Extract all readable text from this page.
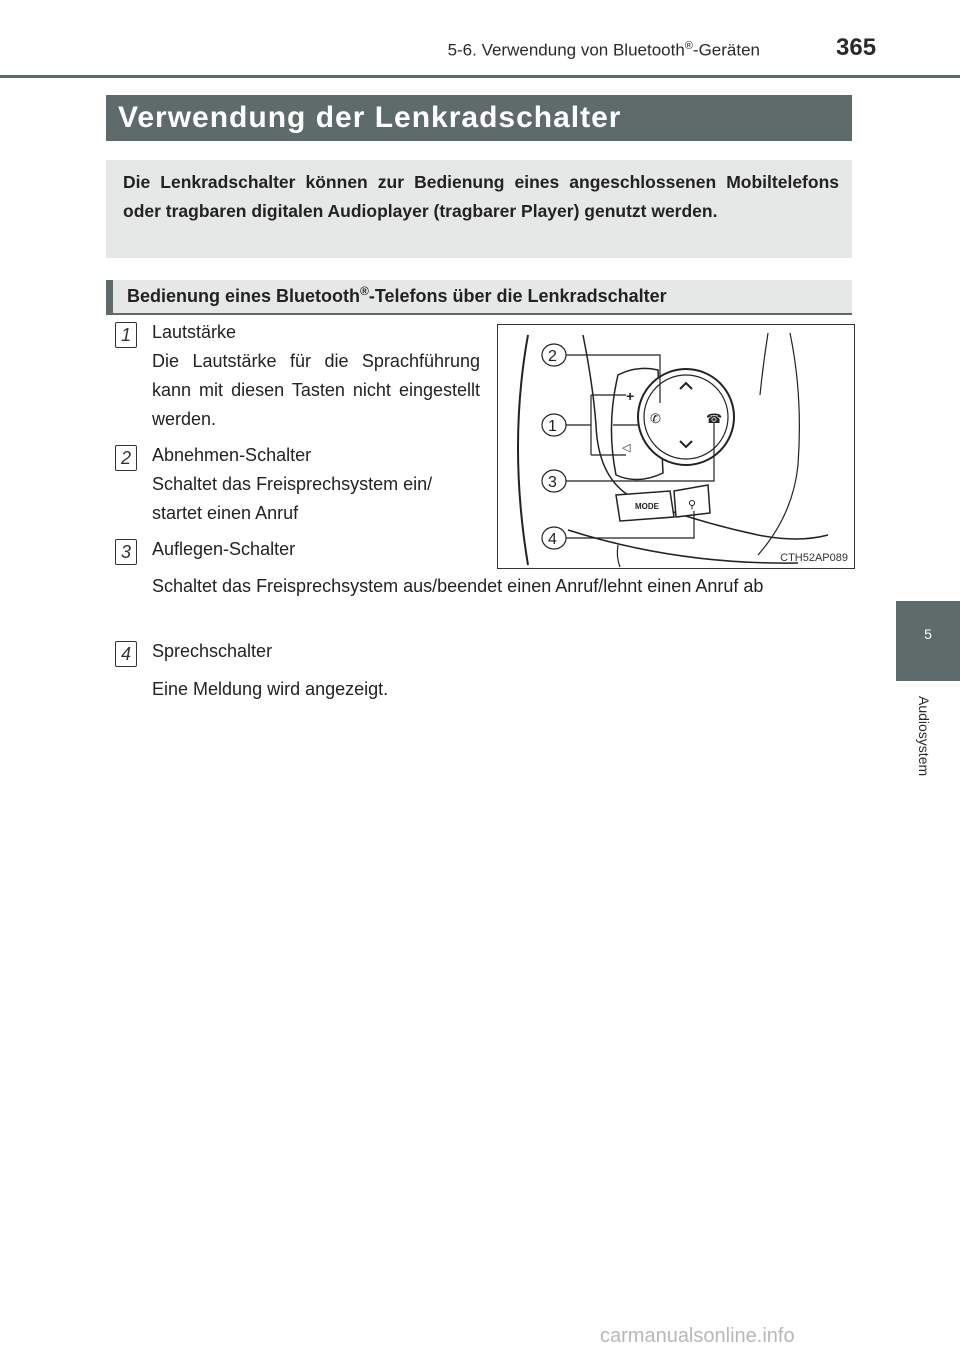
5-6. Verwendung von Bluetooth®-Geräten	365
5
Audiosystem
Verwendung der Lenkradschalter

Die Lenkradschalter können zur Bedienung eines angeschlossenen Mobiltelefons oder tragbaren digitalen Audioplayer (tragbarer Player) genutzt werden.

Bedienung eines Bluetooth®-Telefons über die Lenkradschalter
1	Lautstärke
Die Lautstärke für die Sprachführung kann mit diesen Tasten nicht eingestellt werden.
2	Abnehmen-Schalter
Schaltet das Freisprechsystem ein/ startet einen Anruf
3	Auflegen-Schalter
Schaltet das Freisprechsystem aus/beendet einen Anruf/lehnt einen Anruf ab
4	Sprechschalter
Eine Meldung wird angezeigt.
+
◁
✆	☎
MODE	⚲
2
1
3
4
CTH52AP089
carmanualsonline.info
